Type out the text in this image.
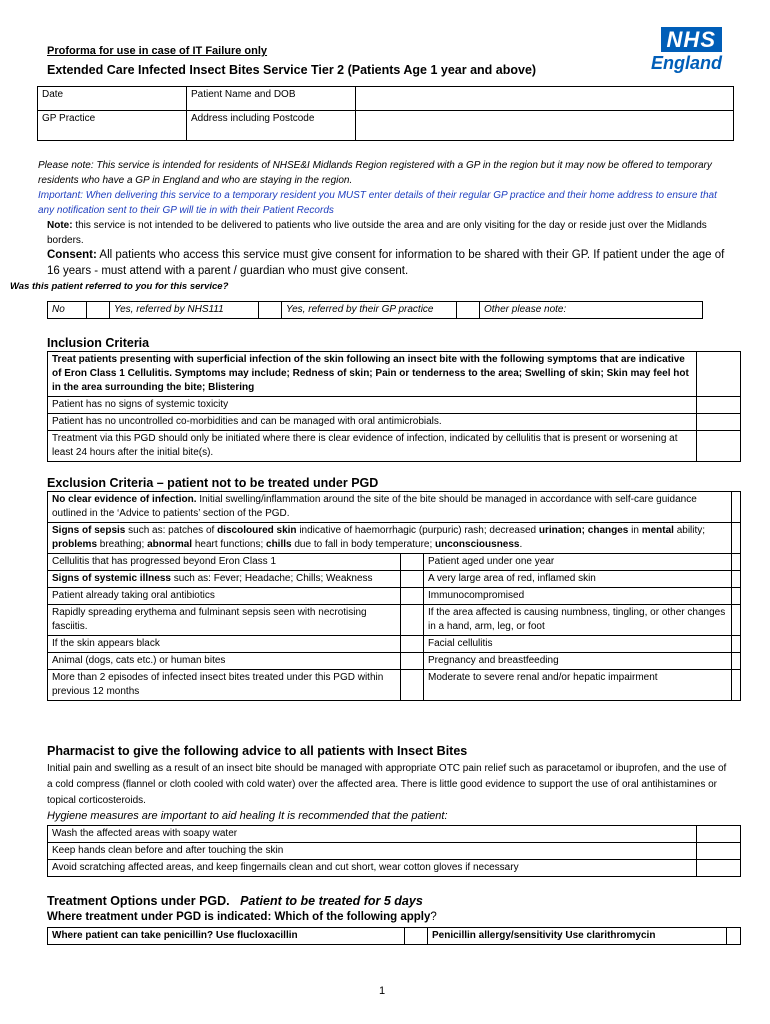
Proforma for use in case of IT Failure only
Extended Care Infected Insect Bites Service Tier 2 (Patients Age 1 year and above)
NHS
England
Date	Patient Name and DOB	
GP Practice	Address including Postcode	
Please note: This service is intended for residents of NHSE&I Midlands Region registered with a GP in the region but it may now be offered to temporary residents who have a GP in England and who are staying in the region.
Important: When delivering this service to a temporary resident you MUST enter details of their regular GP practice and their home address to ensure that any notification sent to their GP will tie in with their Patient Records
Note: this service is not intended to be delivered to patients who live outside the area and are only visiting for the day or reside just over the Midlands borders.
Consent: All patients who access this service must give consent for information to be shared with their GP. If patient under the age of 16 years - must attend with a parent / guardian who must give consent.
Was this patient referred to you for this service?
No		Yes, referred by NHS111		Yes, referred by their GP practice		Other please note:
Inclusion Criteria
Treat patients presenting with superficial infection of the skin following an insect bite with the following symptoms that are indicative of Eron Class 1 Cellulitis. Symptoms may include; Redness of skin; Pain or tenderness to the area; Swelling of skin; Skin may feel hot in the area surrounding the bite; Blistering	
Patient has no signs of systemic toxicity	
Patient has no uncontrolled co-morbidities and can be managed with oral antimicrobials.	
Treatment via this PGD should only be initiated where there is clear evidence of infection, indicated by cellulitis that is present or worsening at least 24 hours after the initial bite(s).	
Exclusion Criteria – patient not to be treated under PGD
No clear evidence of infection. Initial swelling/inflammation around the site of the bite should be managed in accordance with self-care guidance outlined in the ‘Advice to patients’ section of the PGD.			
Signs of sepsis such as: patches of discoloured skin indicative of haemorrhagic (purpuric) rash; decreased urination; changes in mental ability; problems breathing; abnormal heart functions; chills due to fall in body temperature; unconsciousness.			
Cellulitis that has progressed beyond Eron Class 1		Patient aged under one year	
Signs of systemic illness such as: Fever; Headache; Chills; Weakness		A very large area of red, inflamed skin	
Patient already taking oral antibiotics		Immunocompromised	
Rapidly spreading erythema and fulminant sepsis seen with necrotising fasciitis.		If the area affected is causing numbness, tingling, or other changes in a hand, arm, leg, or foot	
If the skin appears black		Facial cellulitis	
Animal (dogs, cats etc.) or human bites		Pregnancy and breastfeeding	
More than 2 episodes of infected insect bites treated under this PGD within previous 12 months		Moderate to severe renal and/or hepatic impairment	
Pharmacist to give the following advice to all patients with Insect Bites
Initial pain and swelling as a result of an insect bite should be managed with appropriate OTC pain relief such as paracetamol or ibuprofen, and the use of a cold compress (flannel or cloth cooled with cold water) over the affected area. There is little good evidence to support the use of oral antihistamines or topical corticosteroids.
Hygiene measures are important to aid healing It is recommended that the patient:
Wash the affected areas with soapy water	
Keep hands clean before and after touching the skin	
Avoid scratching affected areas, and keep fingernails clean and cut short, wear cotton gloves if necessary	
Treatment Options under PGD. Patient to be treated for 5 days
Where treatment under PGD is indicated: Which of the following apply?
Where patient can take penicillin? Use flucloxacillin		Penicillin allergy/sensitivity Use clarithromycin	
1
